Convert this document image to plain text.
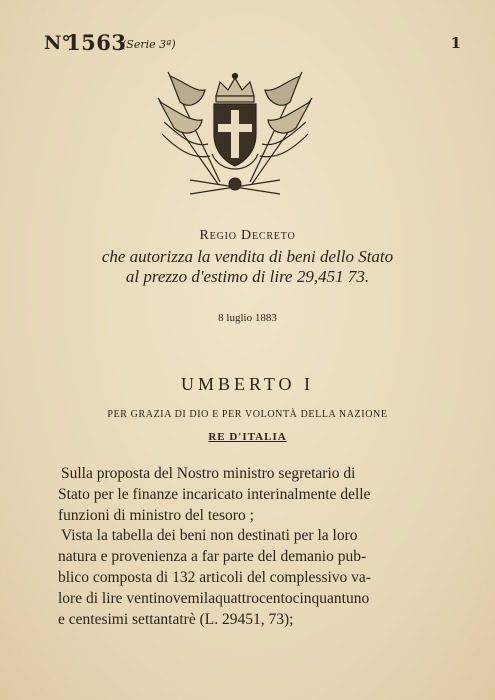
N°
1563
(Serie 3ª)	1
Regio Decreto
che autorizza la vendita di beni dello Stato
al prezzo d'estimo di lire 29,451 73.
8 luglio 1883
UMBERTO I
PER GRAZIA DI DIO E PER VOLONTÀ DELLA NAZIONE
RE D'ITALIA
Sulla proposta del Nostro ministro segretario di
Stato per le finanze incaricato interinalmente delle
funzioni di ministro del tesoro ;
Vista la tabella dei beni non destinati per la loro
natura e provenienza a far parte del demanio pub-
blico composta di 132 articoli del complessivo va-
lore di lire ventinovemilaquattrocentocinquantuno
e centesimi settantatrè (L. 29451, 73);
